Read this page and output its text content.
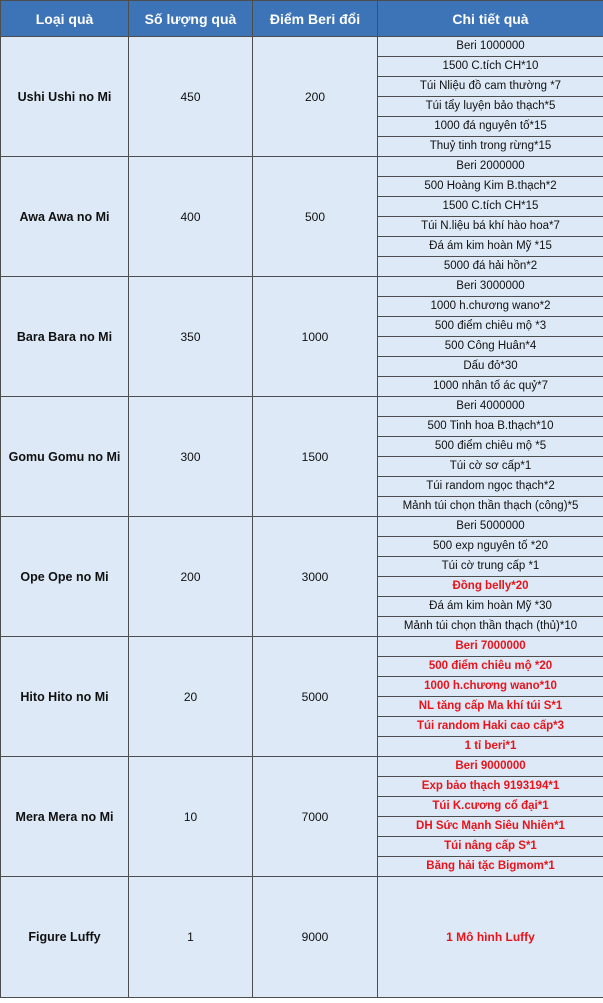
Loại quà	Số lượng quà	Điểm Beri đổi	Chi tiết quà
Ushi Ushi no Mi	450	200	Beri 1000000
			1500 C.tích CH*10
			Túi Nliệu đồ cam thường *7
			Túi tẩy luyện bảo thạch*5
			1000 đá nguyên tố*15
			Thuỷ tinh trong rừng*15
Awa Awa no Mi	400	500	Beri 2000000
			500 Hoàng Kim B.thạch*2
			1500 C.tích CH*15
			Túi N.liệu bá khí hào hoa*7
			Đá ám kim hoàn Mỹ *15
			5000 đá hải hồn*2
Bara Bara no Mi	350	1000	Beri 3000000
			1000 h.chương wano*2
			500 điểm chiêu mộ *3
			500 Công Huân*4
			Dấu đỏ*30
			1000 nhân tố ác quỷ*7
Gomu Gomu no Mi	300	1500	Beri 4000000
			500 Tinh hoa B.thạch*10
			500 điểm chiêu mộ *5
			Túi cờ sơ cấp*1
			Túi random ngọc thạch*2
			Mảnh túi chọn thần thạch (công)*5
Ope Ope no Mi	200	3000	Beri 5000000
			500 exp nguyên tố *20
			Túi cờ trung cấp *1
			Đồng belly*20
			Đá ám kim hoàn Mỹ *30
			Mảnh túi chọn thần thạch (thủ)*10
Hito Hito no Mi	20	5000	Beri 7000000
			500 điểm chiêu mộ *20
			1000 h.chương wano*10
			NL tăng cấp Ma khí túi S*1
			Túi random Haki cao cấp*3
			1 tỉ beri*1
Mera Mera no Mi	10	7000	Beri 9000000
			Exp bảo thạch 9193194*1
			Túi K.cương cổ đại*1
			DH Sức Mạnh Siêu Nhiên*1
			Túi nâng cấp S*1
			Băng hải tặc Bigmom*1
Figure Luffy	1	9000	1 Mô hình Luffy
